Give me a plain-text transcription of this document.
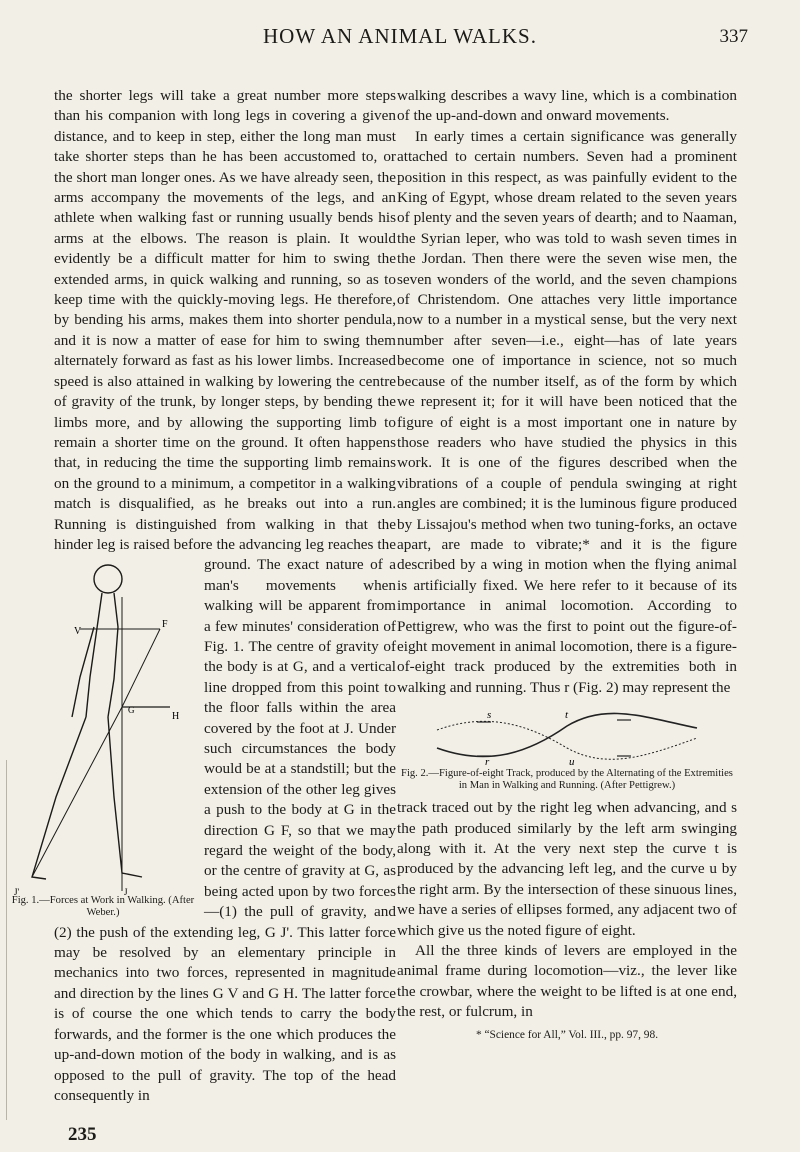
HOW AN ANIMAL WALKS.	337

the shorter legs will take a great number more steps than his companion with long legs in covering a given distance, and to keep in step, either the long man must take shorter steps than he has been accustomed to, or the short man longer ones. As we have already seen, the arms accompany the movements of the legs, and an athlete when walking fast or running usually bends his arms at the elbows. The reason is plain. It would evidently be a difficult matter for him to swing the extended arms, in quick walking and running, so as to keep time with the quickly-moving legs. He therefore, by bending his arms, makes them into shorter pendula, and it is now a matter of ease for him to swing them alternately forward as fast as his lower limbs. Increased speed is also attained in walking by lowering the centre of gravity of the trunk, by longer steps, by bending the limbs more, and by allowing the supporting limb to remain a shorter time on the ground. It often happens that, in reducing the time the supporting limb remains on the ground to a minimum, a competitor in a walking match is disqualified, as he breaks out into a run. Running is distinguished from walking in that the hinder leg is raised before the advancing leg reaches the
V
F
H
G
J
J'
Fig. 1.—Forces at Work in Walking. (After Weber.)
ground. The exact nature of a man's movements when walking will be apparent from a few minutes' consideration of Fig. 1. The centre of gravity of the body is at G, and a vertical line dropped from this point to the floor falls within the area covered by the foot at J. Under such circumstances the body would be at a standstill; but the extension of the other leg gives a push to the body at G in the direction G F, so that we may regard the weight of the body, or the centre of gravity at G, as being acted upon by two forces—(1) the pull of gravity, and (2) the push of the extending leg, G J'. This latter force may be resolved by an elementary principle in mechanics into two forces, represented in magnitude and direction by the lines G V and G H. The latter force is of course the one which tends to carry the body forwards, and the former is the one which produces the up-and-down motion of the body in walking, and is as opposed to the pull of gravity. The top of the head consequently in

walking describes a wavy line, which is a combination of the up-and-down and onward movements.

In early times a certain significance was generally attached to certain numbers. Seven had a prominent position in this respect, as was painfully evident to the King of Egypt, whose dream related to the seven years of plenty and the seven years of dearth; and to Naaman, the Syrian leper, who was told to wash seven times in the Jordan. Then there were the seven wise men, the seven wonders of the world, and the seven champions of Christendom. One attaches very little importance now to a number in a mystical sense, but the very next number after seven—i.e., eight—has of late years become one of importance in science, not so much because of the number itself, as of the form by which we represent it; for it will have been noticed that the figure of eight is a most important one in nature by those readers who have studied the physics in this work. It is one of the figures described when the vibrations of a couple of pendula swinging at right angles are combined; it is the luminous figure produced by Lissajou's method when two tuning-forks, an octave apart, are made to vibrate;* and it is the figure described by a wing in motion when the flying animal is artificially fixed. We here refer to it because of its importance in animal locomotion. According to Pettigrew, who was the first to point out the figure-of-eight movement in animal locomotion, there is a figure-of-eight track produced by the extremities both in walking and running. Thus r (Fig. 2) may represent the

s	t
r	u
Fig. 2.—Figure-of-eight Track, produced by the Alternating of the Extremities in Man in Walking and Running. (After Pettigrew.)

track traced out by the right leg when advancing, and s the path produced similarly by the left arm swinging along with it. At the very next step the curve t is produced by the advancing left leg, and the curve u by the right arm. By the intersection of these sinuous lines, we have a series of ellipses formed, any adjacent two of which give us the noted figure of eight.

All the three kinds of levers are employed in the animal frame during locomotion—viz., the lever like the crowbar, where the weight to be lifted is at one end, the rest, or fulcrum, in

* “Science for All,” Vol. III., pp. 97, 98.
235
